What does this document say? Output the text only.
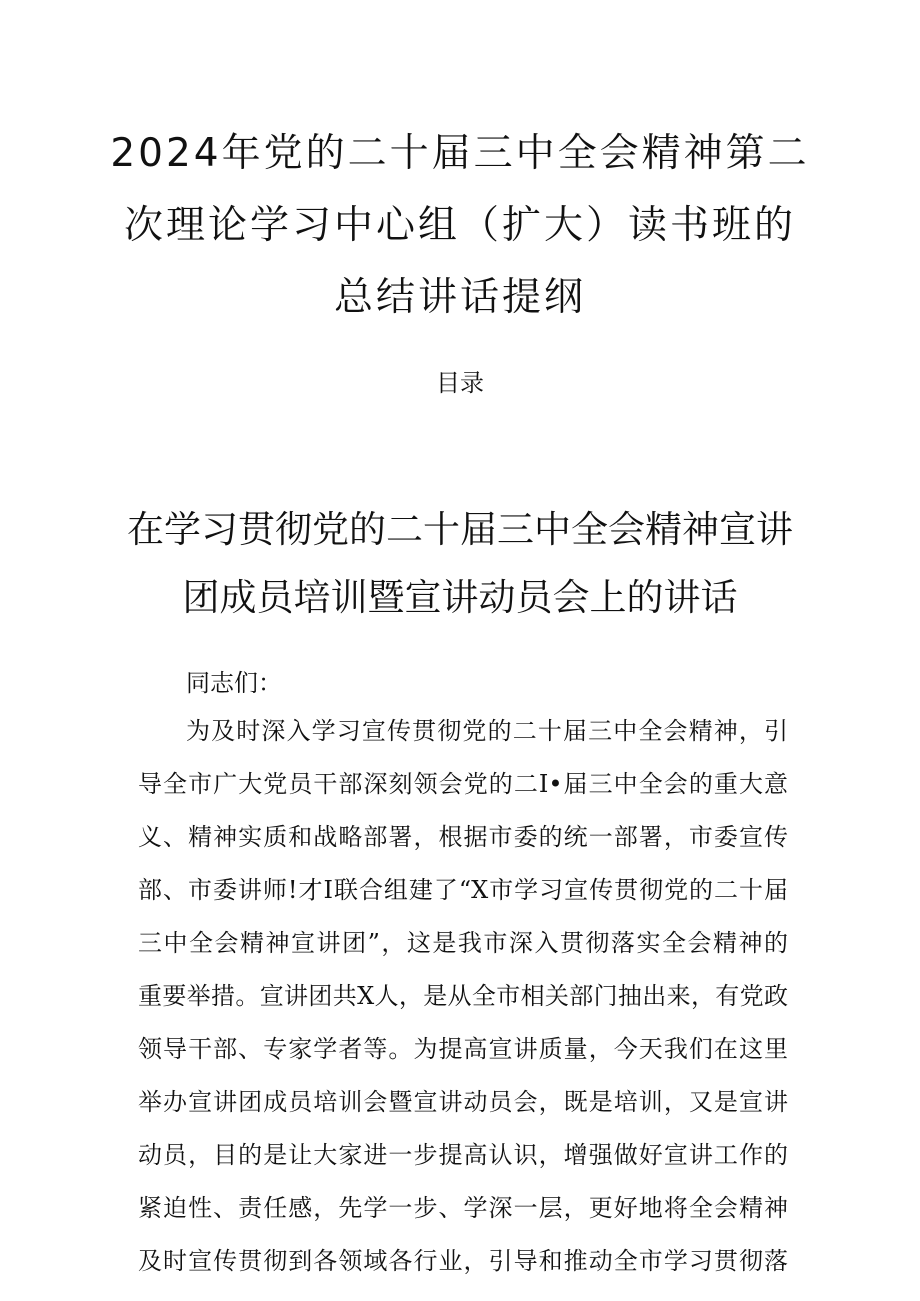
2024年党的二十届三中全会精神第二
次理论学习中心组（扩大）读书班的
总结讲话提纲

目录

在学习贯彻党的二十届三中全会精神宣讲
团成员培训暨宣讲动员会上的讲话

同志们：

为及时深入学习宣传贯彻党的二十届三中全会精神，引
导全市广大党员干部深刻领会党的二I•届三中全会的重大意
义、精神实质和战略部署，根据市委的统一部署，市委宣传
部、市委讲师!才I联合组建了“X市学习宣传贯彻党的二十届
三中全会精神宣讲团”，这是我市深入贯彻落实全会精神的
重要举措。宣讲团共X人，是从全市相关部门抽出来，有党政
领导干部、专家学者等。为提高宣讲质量，今天我们在这里
举办宣讲团成员培训会暨宣讲动员会，既是培训，又是宣讲
动员，目的是让大家进一步提高认识，增强做好宣讲工作的
紧迫性、责任感，先学一步、学深一层，更好地将全会精神
及时宣传贯彻到各领域各行业，引导和推动全市学习贯彻落
